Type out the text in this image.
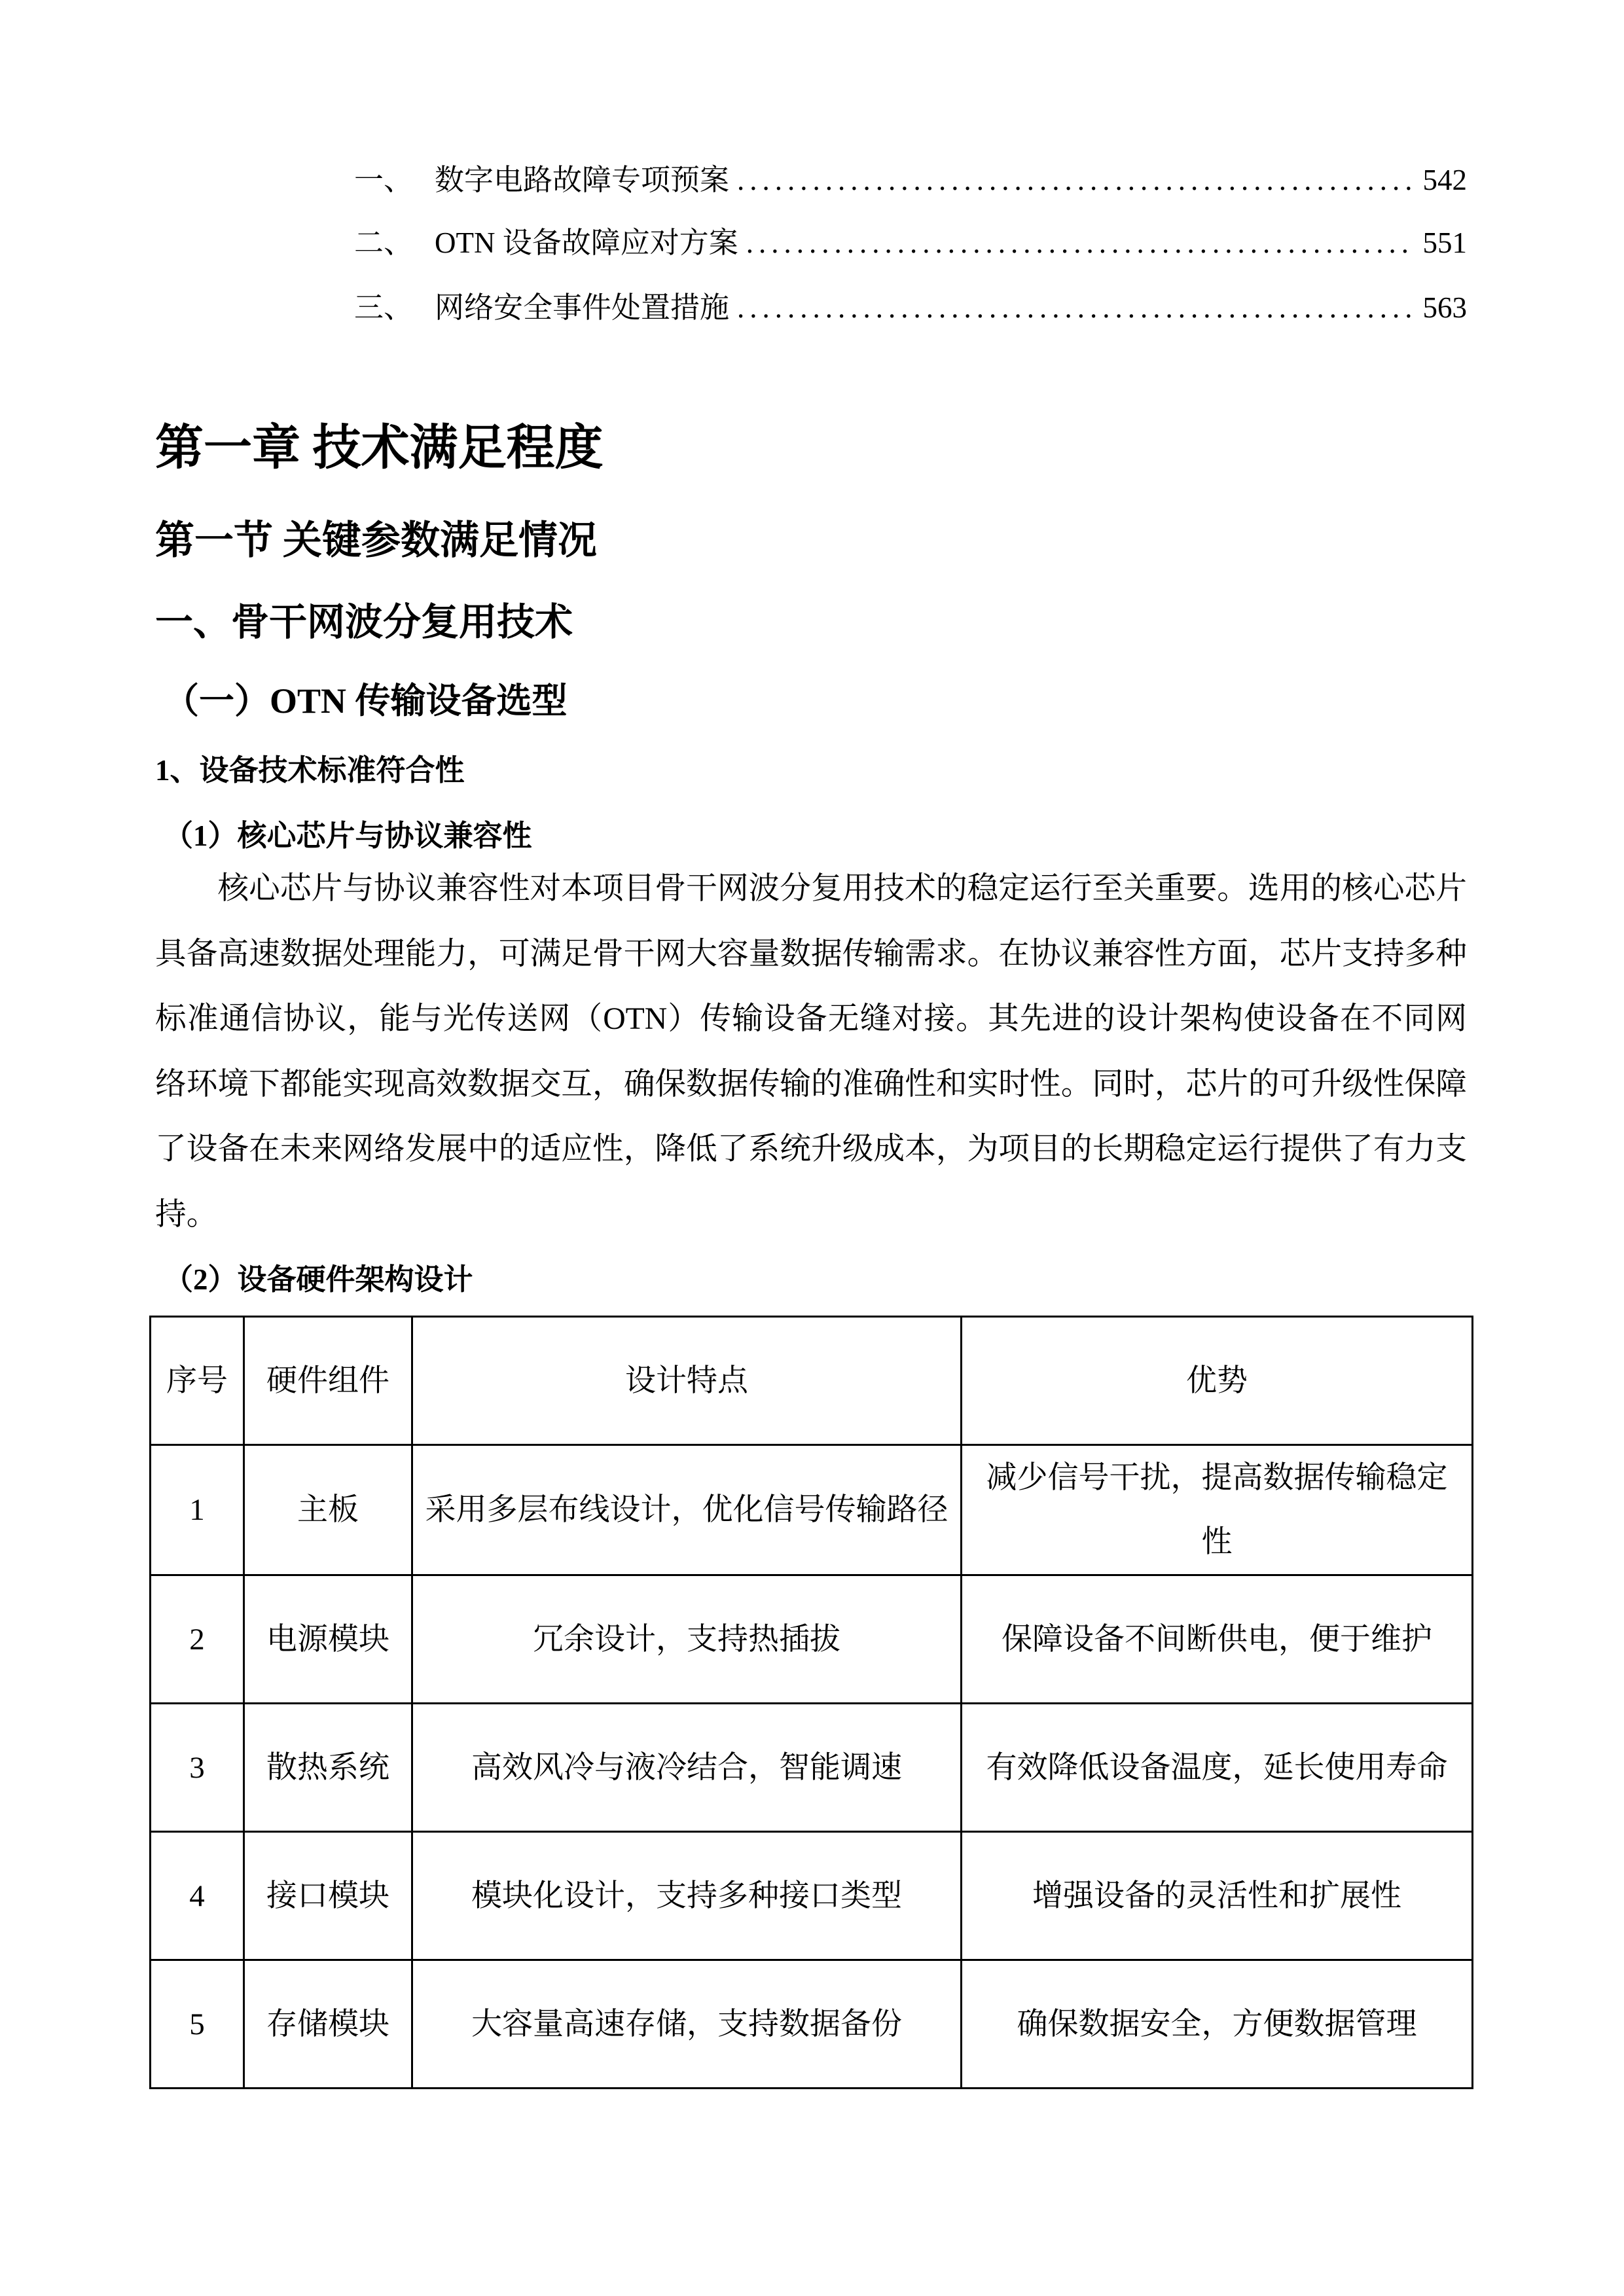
一、 数字电路故障专项预案 .....	542
二、 OTN 设备故障应对方案 .....	551
三、 网络安全事件处置措施 .....	563
第一章 技术满足程度
第一节 关键参数满足情况
一、骨干网波分复用技术
（一）OTN 传输设备选型
1、设备技术标准符合性
（1）核心芯片与协议兼容性

核心芯片与协议兼容性对本项目骨干网波分复用技术的稳定运行至关重要。选用的核心芯片具备高速数据处理能力，可满足骨干网大容量数据传输需求。在协议兼容性方面，芯片支持多种标准通信协议，能与光传送网（OTN）传输设备无缝对接。其先进的设计架构使设备在不同网络环境下都能实现高效数据交互，确保数据传输的准确性和实时性。同时，芯片的可升级性保障了设备在未来网络发展中的适应性，降低了系统升级成本，为项目的长期稳定运行提供了有力支持。

（2）设备硬件架构设计
序号	硬件组件	设计特点	优势
1	主板	采用多层布线设计，优化信号传输路径	减少信号干扰，提高数据传输稳定性
2	电源模块	冗余设计，支持热插拔	保障设备不间断供电，便于维护
3	散热系统	高效风冷与液冷结合，智能调速	有效降低设备温度，延长使用寿命
4	接口模块	模块化设计，支持多种接口类型	增强设备的灵活性和扩展性
5	存储模块	大容量高速存储，支持数据备份	确保数据安全，方便数据管理
